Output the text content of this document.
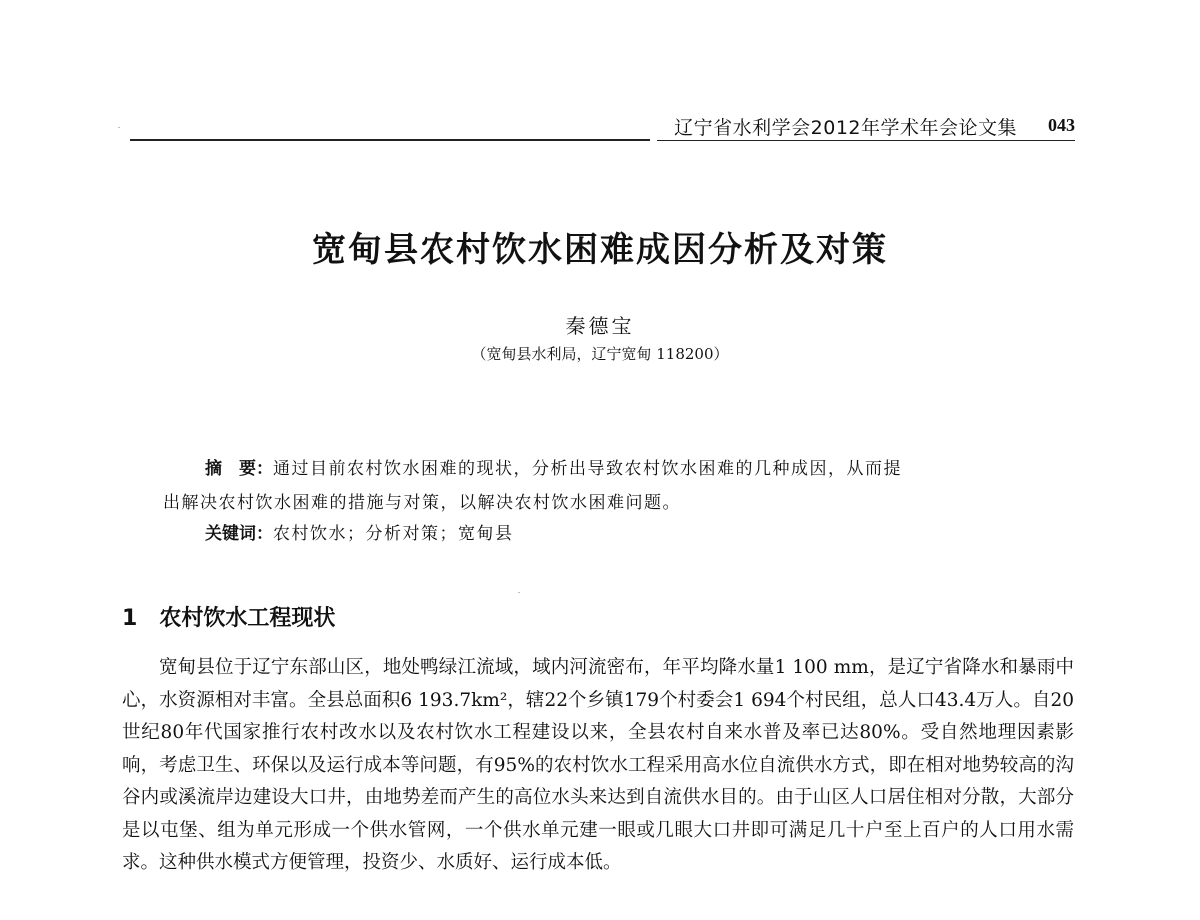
辽宁省水利学会2012年学术年会论文集 043
宽甸县农村饮水困难成因分析及对策
秦德宝
（宽甸县水利局，辽宁宽甸 118200）
摘　要：通过目前农村饮水困难的现状，分析出导致农村饮水困难的几种成因，从而提
出解决农村饮水困难的措施与对策，以解决农村饮水困难问题。
关键词：农村饮水；分析对策；宽甸县
1 农村饮水工程现状

宽甸县位于辽宁东部山区，地处鸭绿江流域，域内河流密布，年平均降水量1 100 mm，是辽宁省降水和暴雨中心，水资源相对丰富。全县总面积6 193.7km²，辖22个乡镇179个村委会1 694个村民组，总人口43.4万人。自20世纪80年代国家推行农村改水以及农村饮水工程建设以来，全县农村自来水普及率已达80%。受自然地理因素影响，考虑卫生、环保以及运行成本等问题，有95%的农村饮水工程采用高水位自流供水方式，即在相对地势较高的沟谷内或溪流岸边建设大口井，由地势差而产生的高位水头来达到自流供水目的。由于山区人口居住相对分散，大部分是以屯堡、组为单元形成一个供水管网，一个供水单元建一眼或几眼大口井即可满足几十户至上百户的人口用水需求。这种供水模式方便管理，投资少、水质好、运行成本低。
